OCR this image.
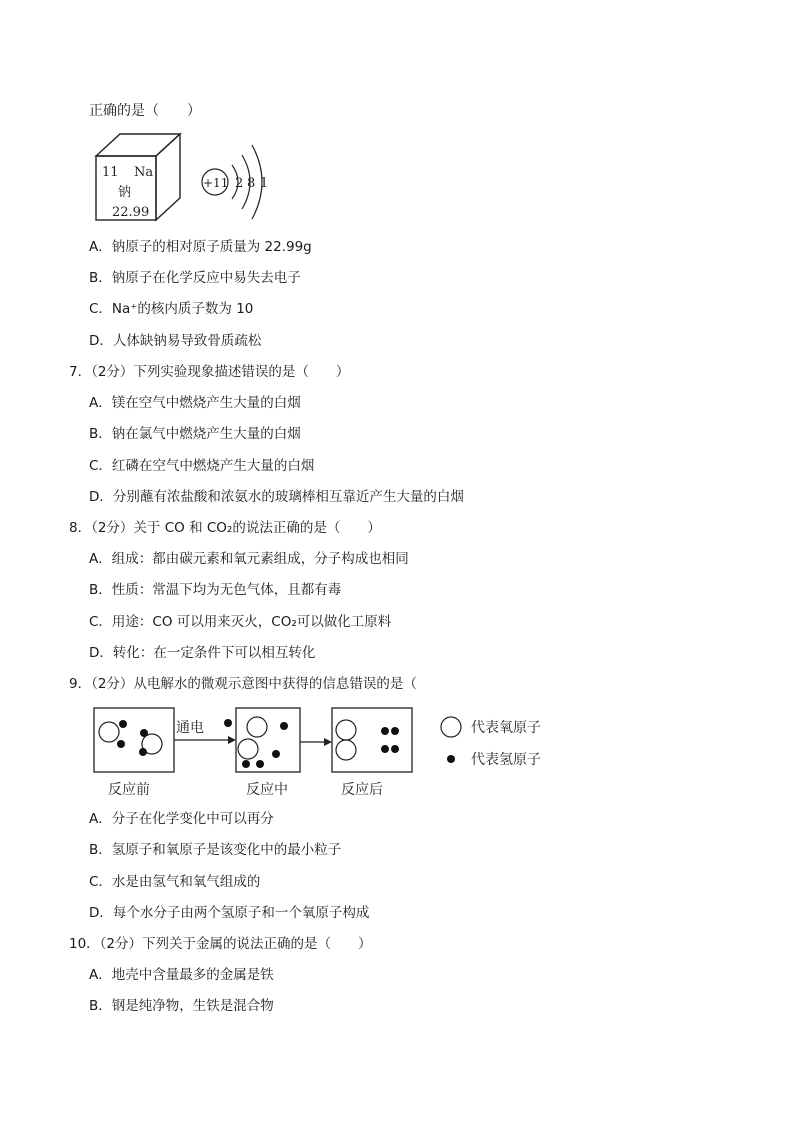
正确的是（　　）
11 Na
钠
22.99
+11 2 8 1
A．钠原子的相对原子质量为 22.99g
B．钠原子在化学反应中易失去电子
C．Na⁺的核内质子数为 10
D．人体缺钠易导致骨质疏松
7．（2分）下列实验现象描述错误的是（　　）
A．镁在空气中燃烧产生大量的白烟
B．钠在氯气中燃烧产生大量的白烟
C．红磷在空气中燃烧产生大量的白烟
D．分别蘸有浓盐酸和浓氨水的玻璃棒相互靠近产生大量的白烟
8．（2分）关于 CO 和 CO₂的说法正确的是（　　）
A．组成：都由碳元素和氧元素组成，分子构成也相同
B．性质：常温下均为无色气体，且都有毒
C．用途：CO 可以用来灭火，CO₂可以做化工原料
D．转化：在一定条件下可以相互转化
9．（2分）从电解水的微观示意图中获得的信息错误的是（
通电
反应前	反应中	反应后
代表氧原子
代表氢原子
A．分子在化学变化中可以再分
B．氢原子和氧原子是该变化中的最小粒子
C．水是由氢气和氧气组成的
D．每个水分子由两个氢原子和一个氧原子构成
10．（2分）下列关于金属的说法正确的是（　　）
A．地壳中含量最多的金属是铁
B．钢是纯净物，生铁是混合物
